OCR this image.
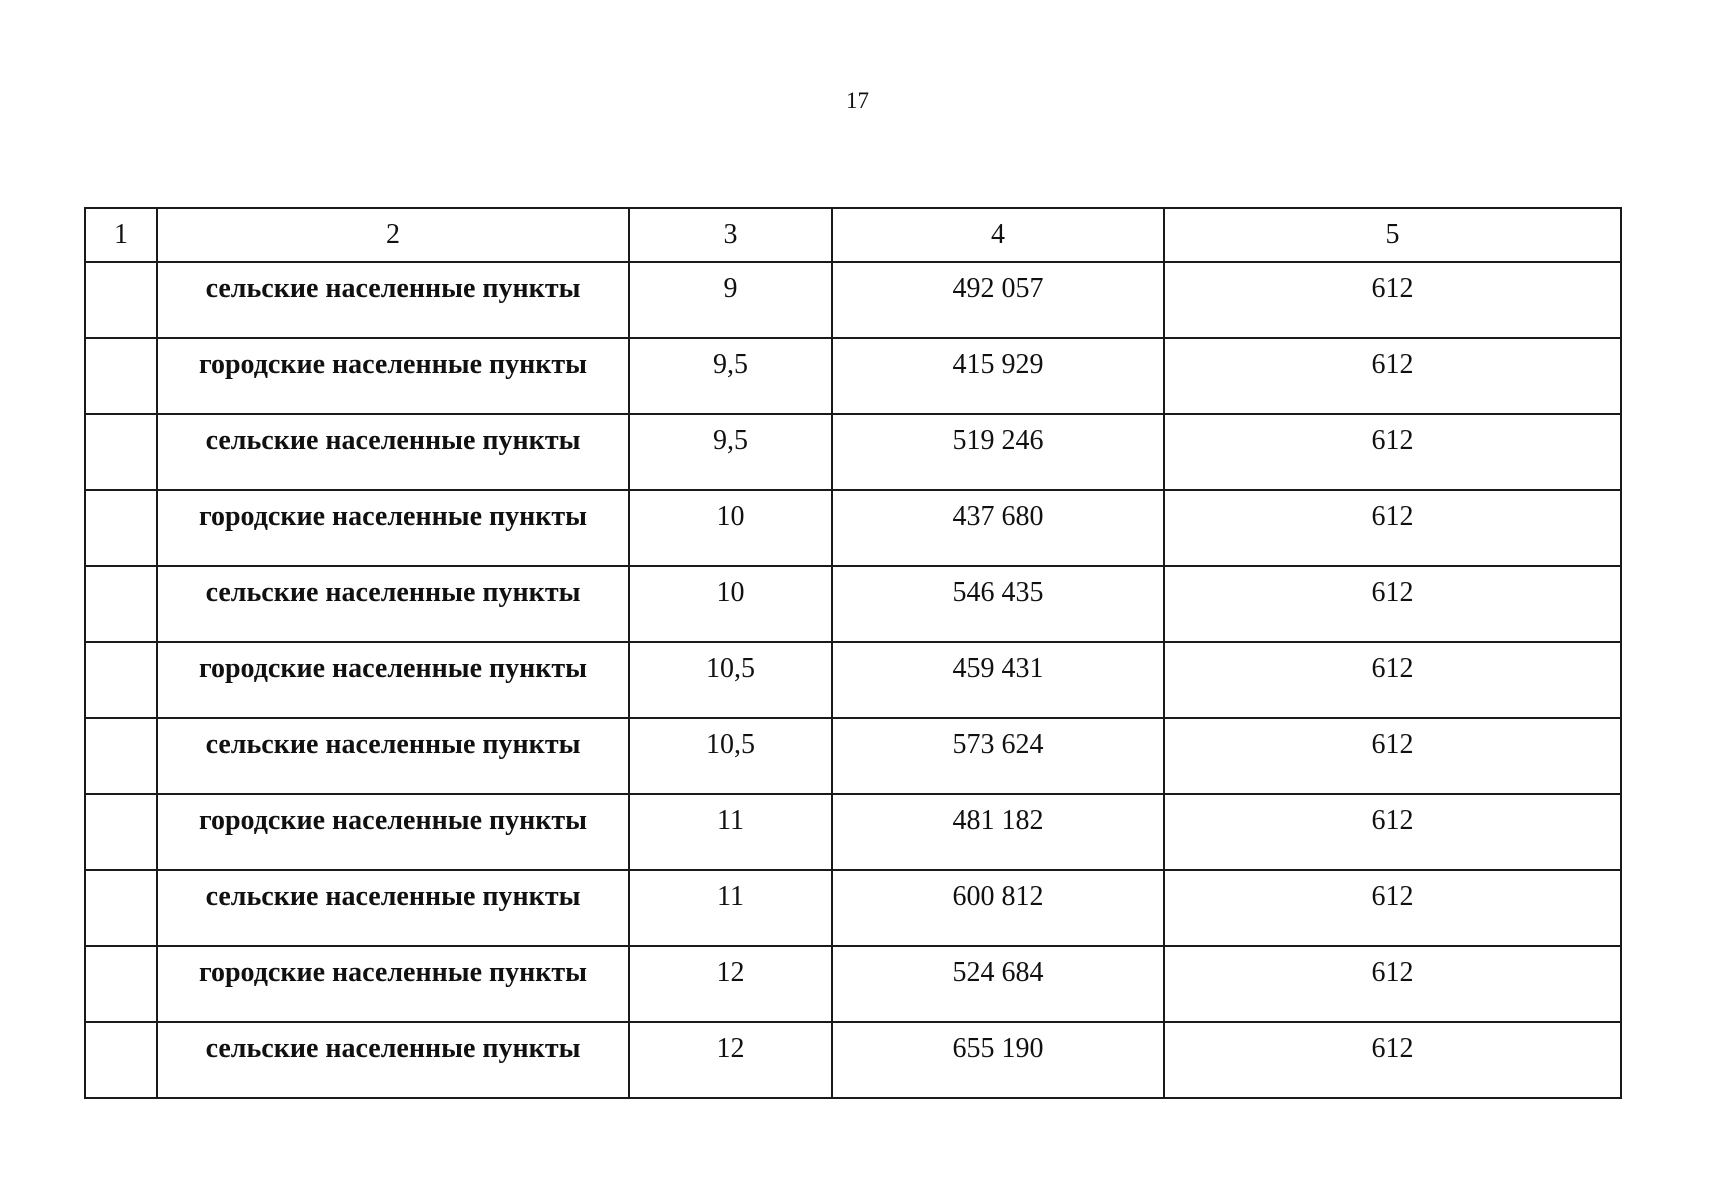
17
1	2	3	4	5
	сельские населенные пункты	9	492 057	612
	городские населенные пункты	9,5	415 929	612
	сельские населенные пункты	9,5	519 246	612
	городские населенные пункты	10	437 680	612
	сельские населенные пункты	10	546 435	612
	городские населенные пункты	10,5	459 431	612
	сельские населенные пункты	10,5	573 624	612
	городские населенные пункты	11	481 182	612
	сельские населенные пункты	11	600 812	612
	городские населенные пункты	12	524 684	612
	сельские населенные пункты	12	655 190	612
